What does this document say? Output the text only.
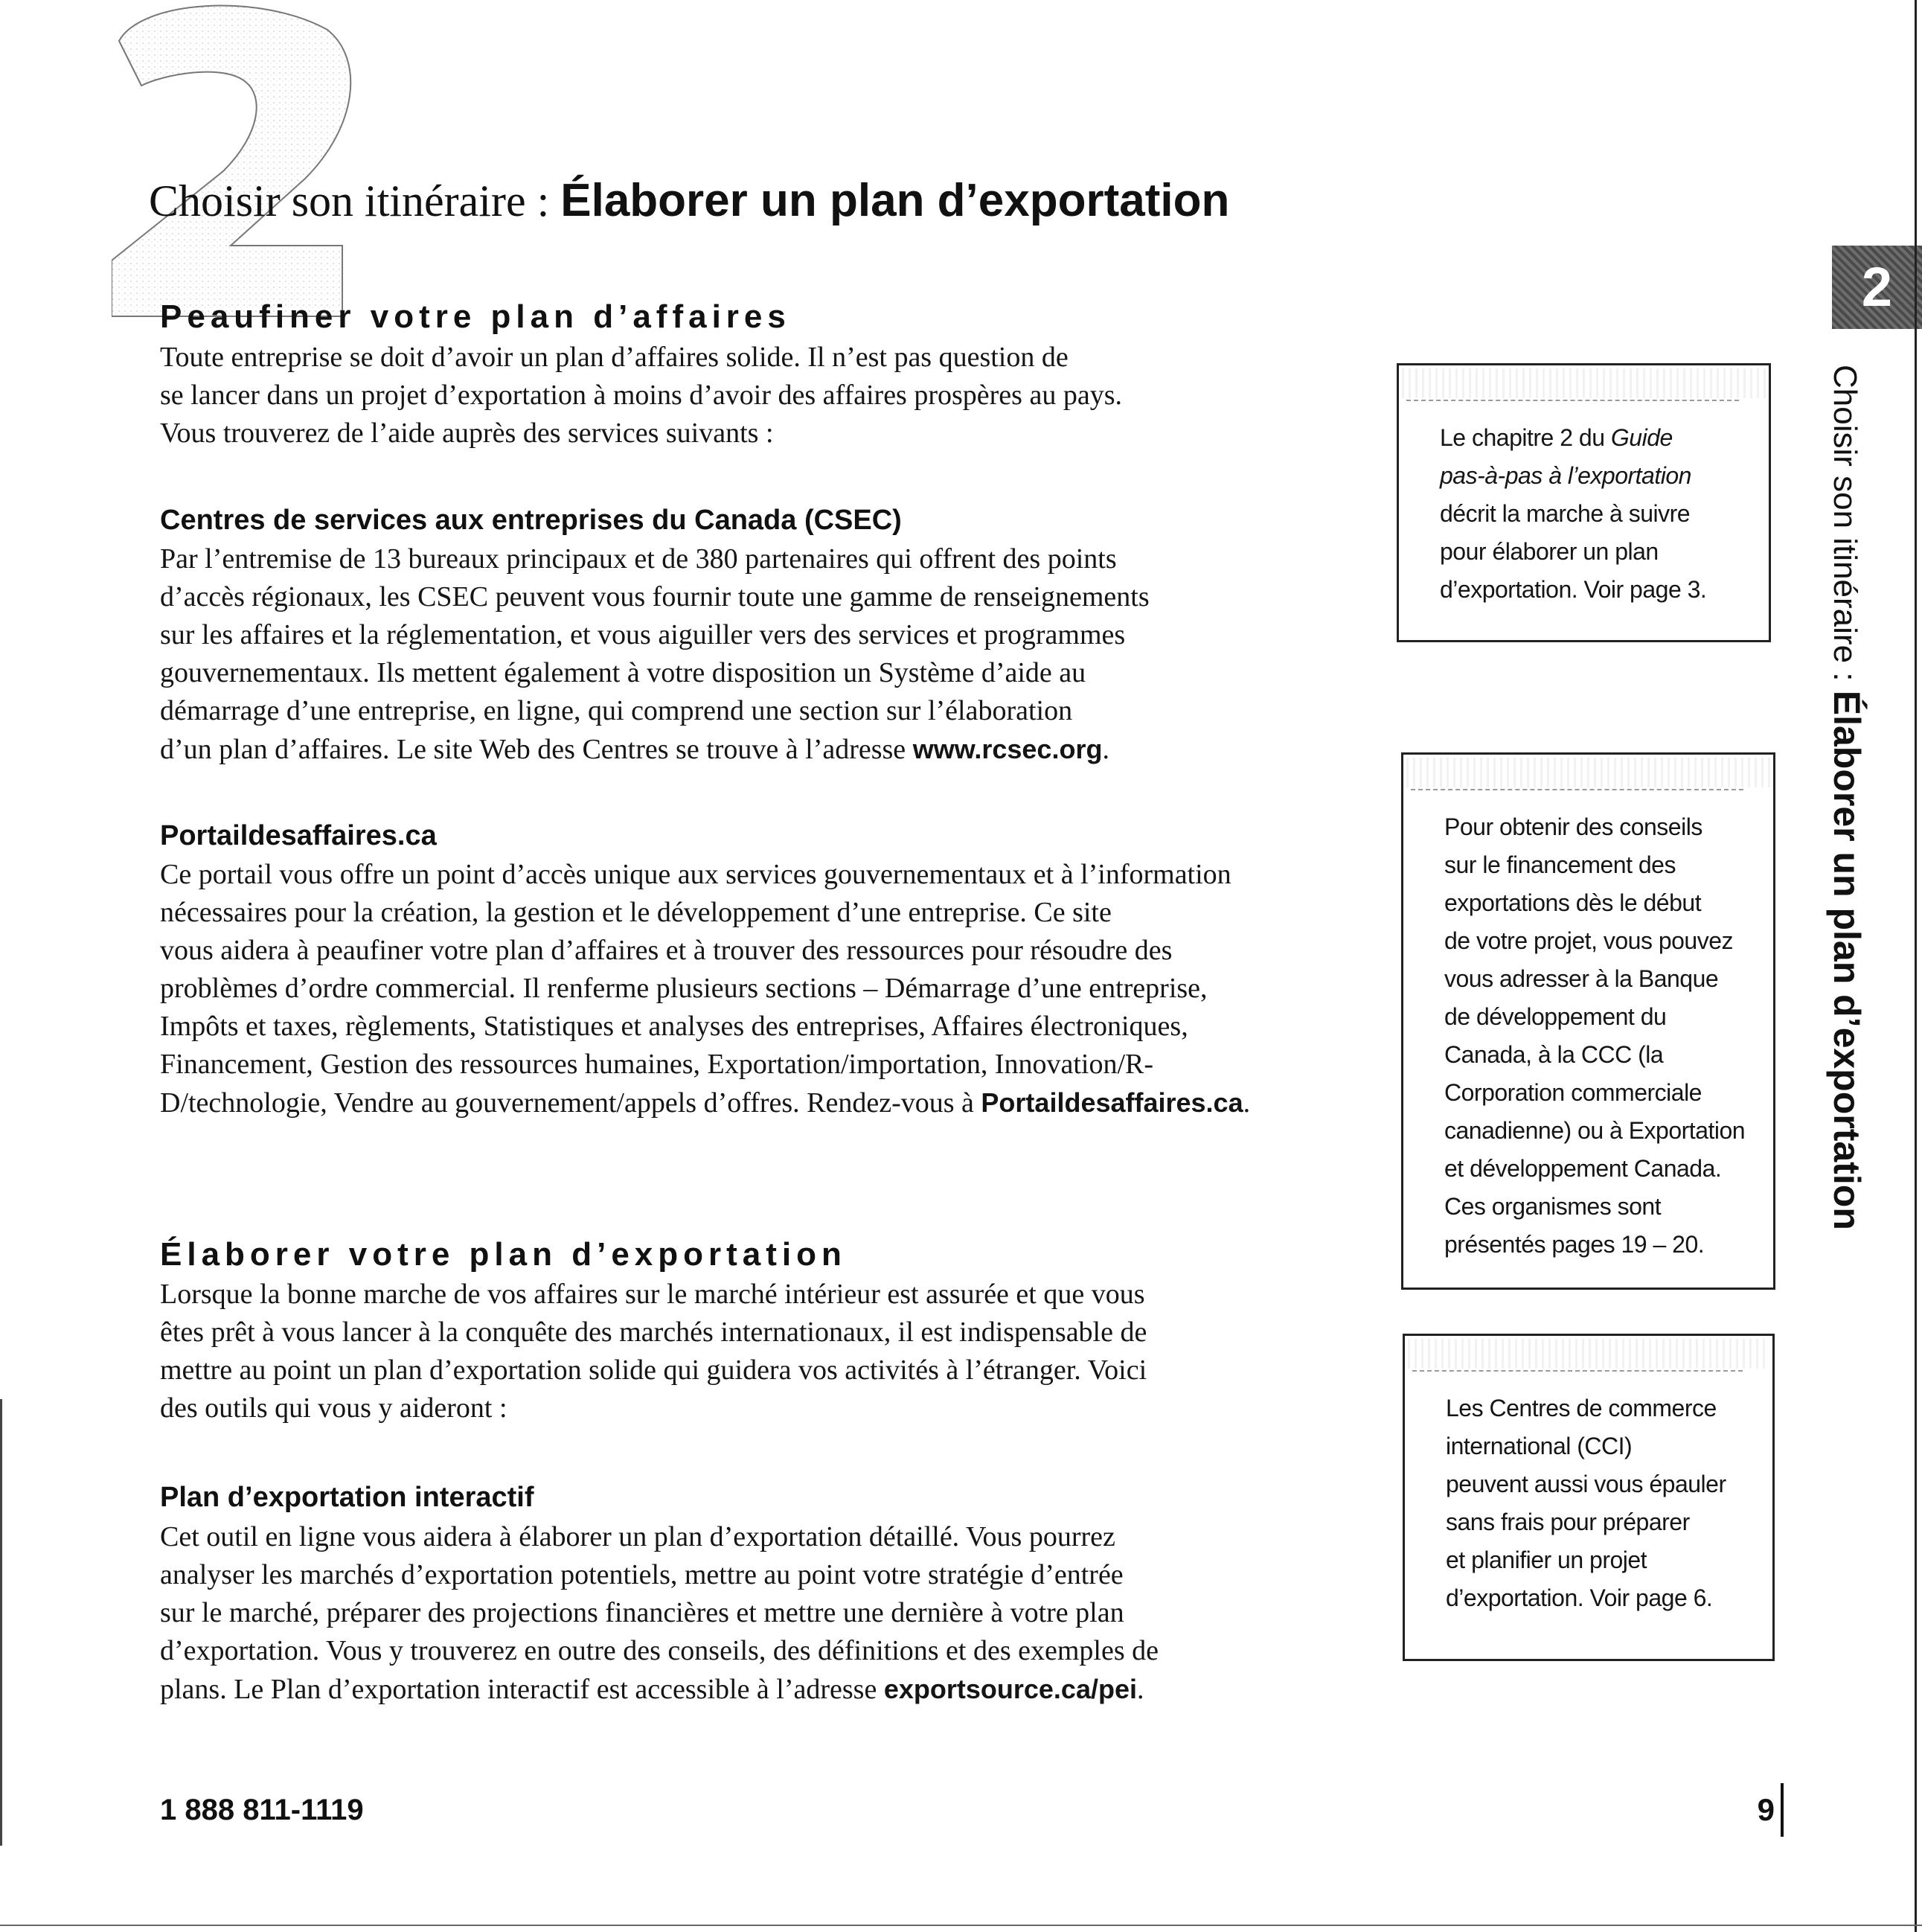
Choisir son itinéraire : Élaborer un plan d’exportation
Peaufiner votre plan d’affaires
Toute entreprise se doit d’avoir un plan d’affaires solide. Il n’est pas question de
se lancer dans un projet d’exportation à moins d’avoir des affaires prospères au pays.
Vous trouverez de l’aide auprès des services suivants :
Centres de services aux entreprises du Canada (CSEC)
Par l’entremise de 13 bureaux principaux et de 380 partenaires qui offrent des points
d’accès régionaux, les CSEC peuvent vous fournir toute une gamme de renseignements
sur les affaires et la réglementation, et vous aiguiller vers des services et programmes
gouvernementaux. Ils mettent également à votre disposition un Système d’aide au
démarrage d’une entreprise, en ligne, qui comprend une section sur l’élaboration
d’un plan d’affaires. Le site Web des Centres se trouve à l’adresse www.rcsec.org.
Portaildesaffaires.ca
Ce portail vous offre un point d’accès unique aux services gouvernementaux et à l’information
nécessaires pour la création, la gestion et le développement d’une entreprise. Ce site
vous aidera à peaufiner votre plan d’affaires et à trouver des ressources pour résoudre des
problèmes d’ordre commercial. Il renferme plusieurs sections – Démarrage d’une entreprise,
Impôts et taxes, règlements, Statistiques et analyses des entreprises, Affaires électroniques,
Financement, Gestion des ressources humaines, Exportation/importation, Innovation/R-
D/technologie, Vendre au gouvernement/appels d’offres. Rendez-vous à Portaildesaffaires.ca.
Élaborer votre plan d’exportation
Lorsque la bonne marche de vos affaires sur le marché intérieur est assurée et que vous
êtes prêt à vous lancer à la conquête des marchés internationaux, il est indispensable de
mettre au point un plan d’exportation solide qui guidera vos activités à l’étranger. Voici
des outils qui vous y aideront :
Plan d’exportation interactif
Cet outil en ligne vous aidera à élaborer un plan d’exportation détaillé. Vous pourrez
analyser les marchés d’exportation potentiels, mettre au point votre stratégie d’entrée
sur le marché, préparer des projections financières et mettre une dernière à votre plan
d’exportation. Vous y trouverez en outre des conseils, des définitions et des exemples de
plans. Le Plan d’exportation interactif est accessible à l’adresse exportsource.ca/pei.
Le chapitre 2 du Guide
pas-à-pas à l’exportation
décrit la marche à suivre
pour élaborer un plan
d’exportation. Voir page 3.
Pour obtenir des conseils
sur le financement des
exportations dès le début
de votre projet, vous pouvez
vous adresser à la Banque
de développement du
Canada, à la CCC (la
Corporation commerciale
canadienne) ou à Exportation
et développement Canada.
Ces organismes sont
présentés pages 19 – 20.
Les Centres de commerce
international (CCI)
peuvent aussi vous épauler
sans frais pour préparer
et planifier un projet
d’exportation. Voir page 6.
2
Choisir son itinéraire : Élaborer un plan d’exportation
1 888 811-1119	9
